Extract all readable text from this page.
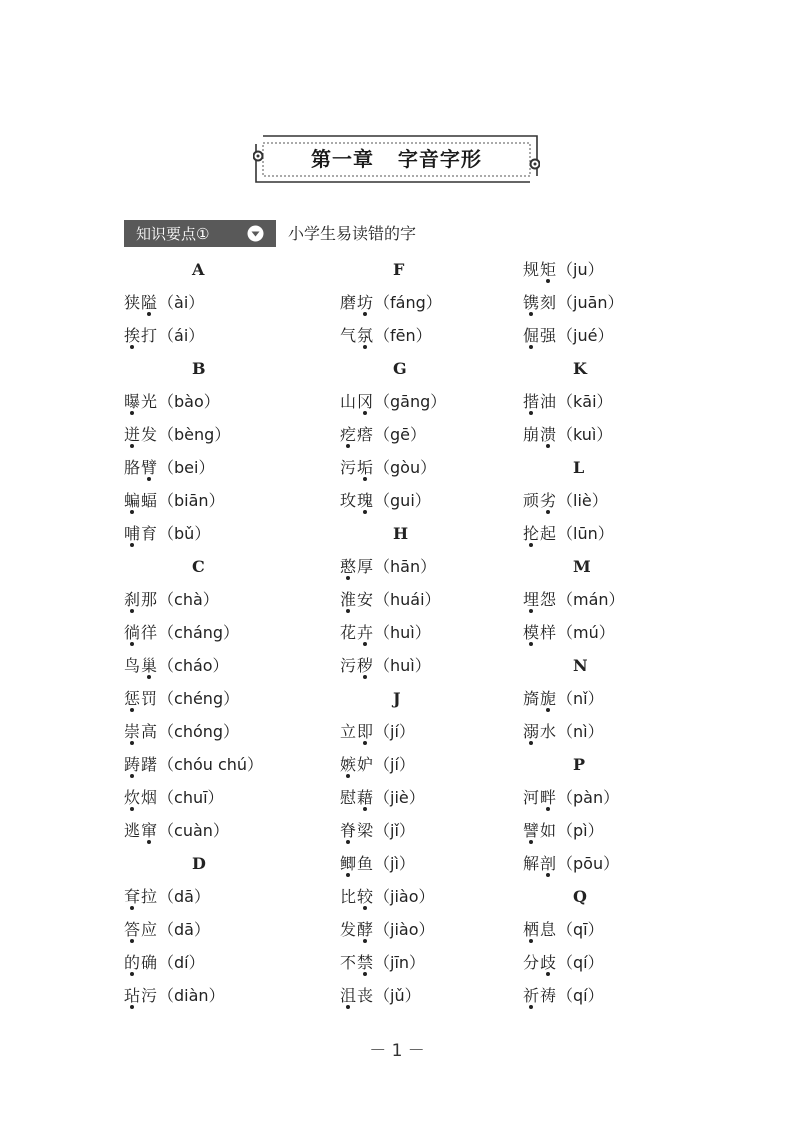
第一章   字音字形
知识要点①	小学生易读错的字
A
狭隘
（ài）
挨打
（ái）
B
曝光
（bào）
迸发
（bèng）
胳臂
（bei）
蝙蝠
（biān）
哺育
（bǔ）
C
刹那
（chà）
徜徉
（cháng）
鸟巢
（cháo）
惩罚
（chéng）
崇高
（chóng）
踌躇
（chóu chú）
炊烟
（chuī）
逃窜
（cuàn）
D
耷拉
（dā）
答应
（dā）
的确
（dí）
玷污
（diàn）
F
磨坊
（fáng）
气氛
（fēn）
G
山冈
（gāng）
疙瘩
（gē）
污垢
（gòu）
玫瑰
（gui）
H
憨厚
（hān）
淮安
（huái）
花卉
（huì）
污秽
（huì）
J
立即
（jí）
嫉妒
（jí）
慰藉
（jiè）
脊梁
（jǐ）
鲫鱼
（jì）
比较
（jiào）
发酵
（jiào）
不禁
（jīn）
沮丧
（jǔ）
规矩
（ju）
镌刻
（juān）
倔强
（jué）
K
揩油
（kāi）
崩溃
（kuì）
L
顽劣
（liè）
抡起
（lūn）
M
埋怨
（mán）
模样
（mú）
N
旖旎
（nǐ）
溺水
（nì）
P
河畔
（pàn）
譬如
（pì）
解剖
（pōu）
Q
栖息
（qī）
分歧
（qí）
祈祷
（qí）
－ 1 －
